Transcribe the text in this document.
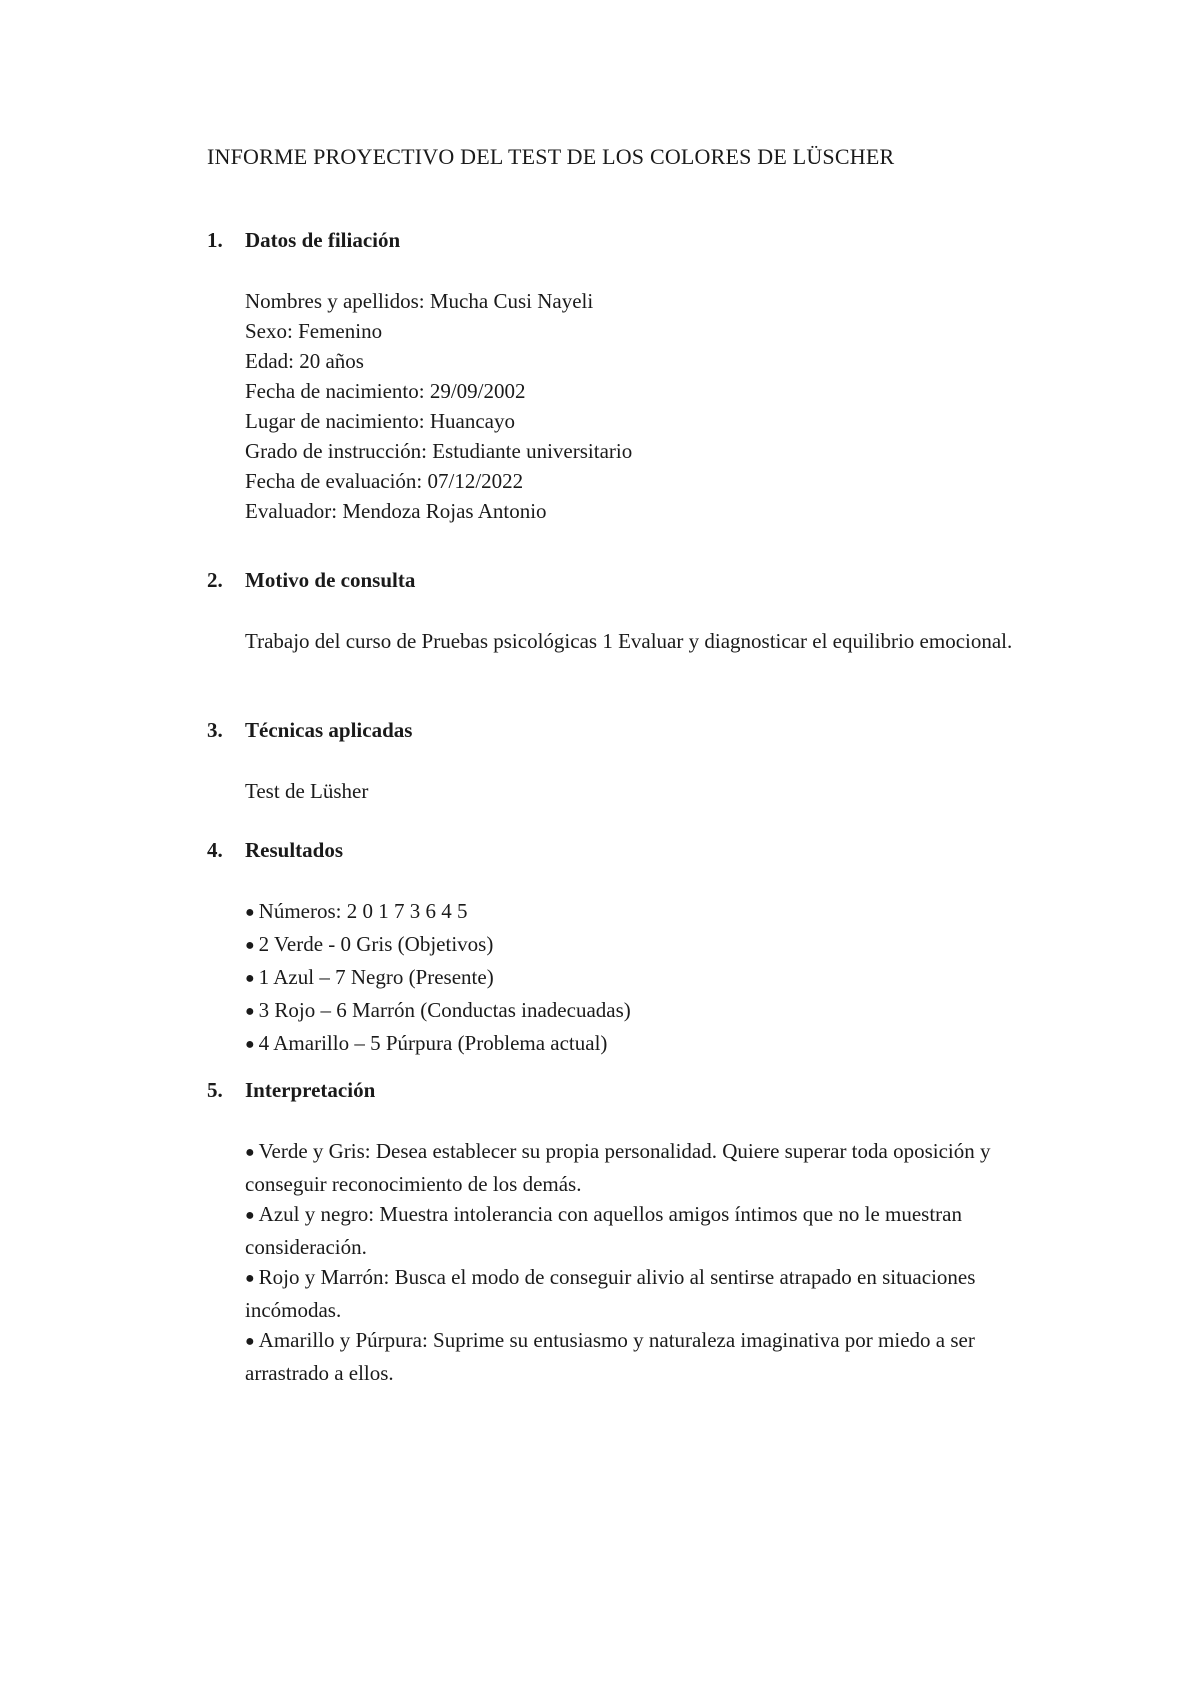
INFORME PROYECTIVO DEL TEST DE LOS COLORES DE LÜSCHER
1.	Datos de filiación
Nombres y apellidos: Mucha Cusi Nayeli
Sexo: Femenino
Edad: 20 años
Fecha de nacimiento: 29/09/2002
Lugar de nacimiento: Huancayo
Grado de instrucción: Estudiante universitario
Fecha de evaluación: 07/12/2022
Evaluador: Mendoza Rojas Antonio
2.	Motivo de consulta
Trabajo del curso de Pruebas psicológicas 1 Evaluar y diagnosticar el equilibrio emocional.
3.	Técnicas aplicadas
Test de Lüsher
4.	Resultados
● Números: 2 0 1 7 3 6 4 5
● 2 Verde - 0 Gris (Objetivos)
● 1 Azul – 7 Negro (Presente)
● 3 Rojo – 6 Marrón (Conductas inadecuadas)
● 4 Amarillo – 5 Púrpura (Problema actual)
5.	Interpretación
● Verde y Gris: Desea establecer su propia personalidad. Quiere superar toda oposición y conseguir reconocimiento de los demás.
● Azul y negro: Muestra intolerancia con aquellos amigos íntimos que no le muestran consideración.
● Rojo y Marrón: Busca el modo de conseguir alivio al sentirse atrapado en situaciones incómodas.
● Amarillo y Púrpura: Suprime su entusiasmo y naturaleza imaginativa por miedo a ser arrastrado a ellos.
